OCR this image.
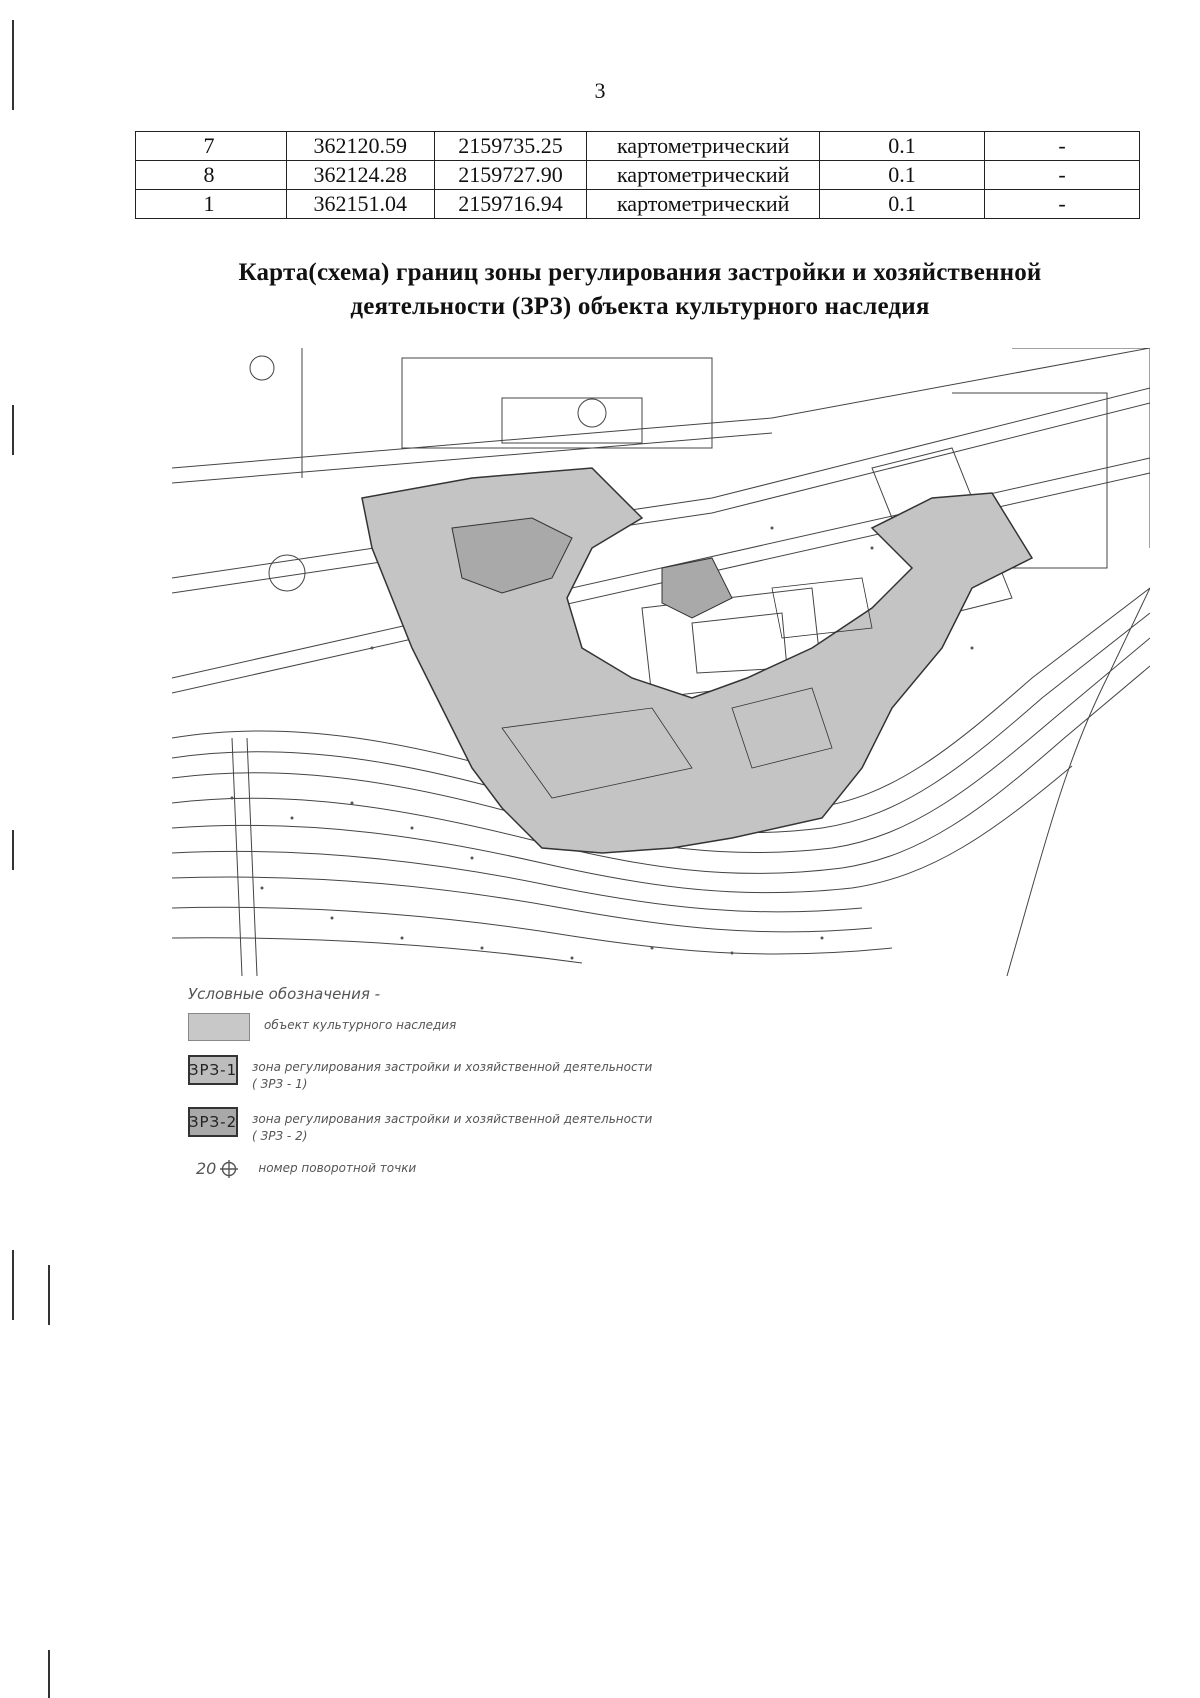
3
7	362120.59	2159735.25	картометрический	0.1	-
8	362124.28	2159727.90	картометрический	0.1	-
1	362151.04	2159716.94	картометрический	0.1	-
Карта(схема) границ зоны регулирования застройки и хозяйственной
деятельности (ЗРЗ) объекта культурного наследия
Условные обозначения -
объект культурного наследия
ЗРЗ-1 зона регулирования застройки и хозяйственной деятельности
( ЗРЗ - 1)
ЗРЗ-2 зона регулирования застройки и хозяйственной деятельности
( ЗРЗ - 2)
20	номер поворотной точки
